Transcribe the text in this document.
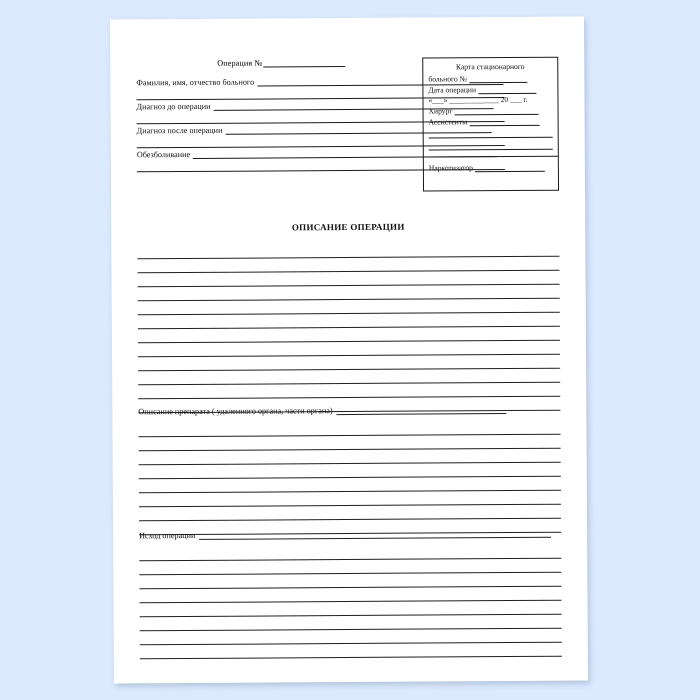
Операция №
Фамилия, имя, отчество больного
Диагноз до операции
Диагноз после операции
Обезболивание
Карта стационарного
больного №
Дата операции
«___» _____________ 20 ___ г.
Хирург
Ассистенты
Наркотизатор
ОПИСАНИЕ ОПЕРАЦИИ
Описание препарата ( удаленного органа, части органа)
Исход операции
